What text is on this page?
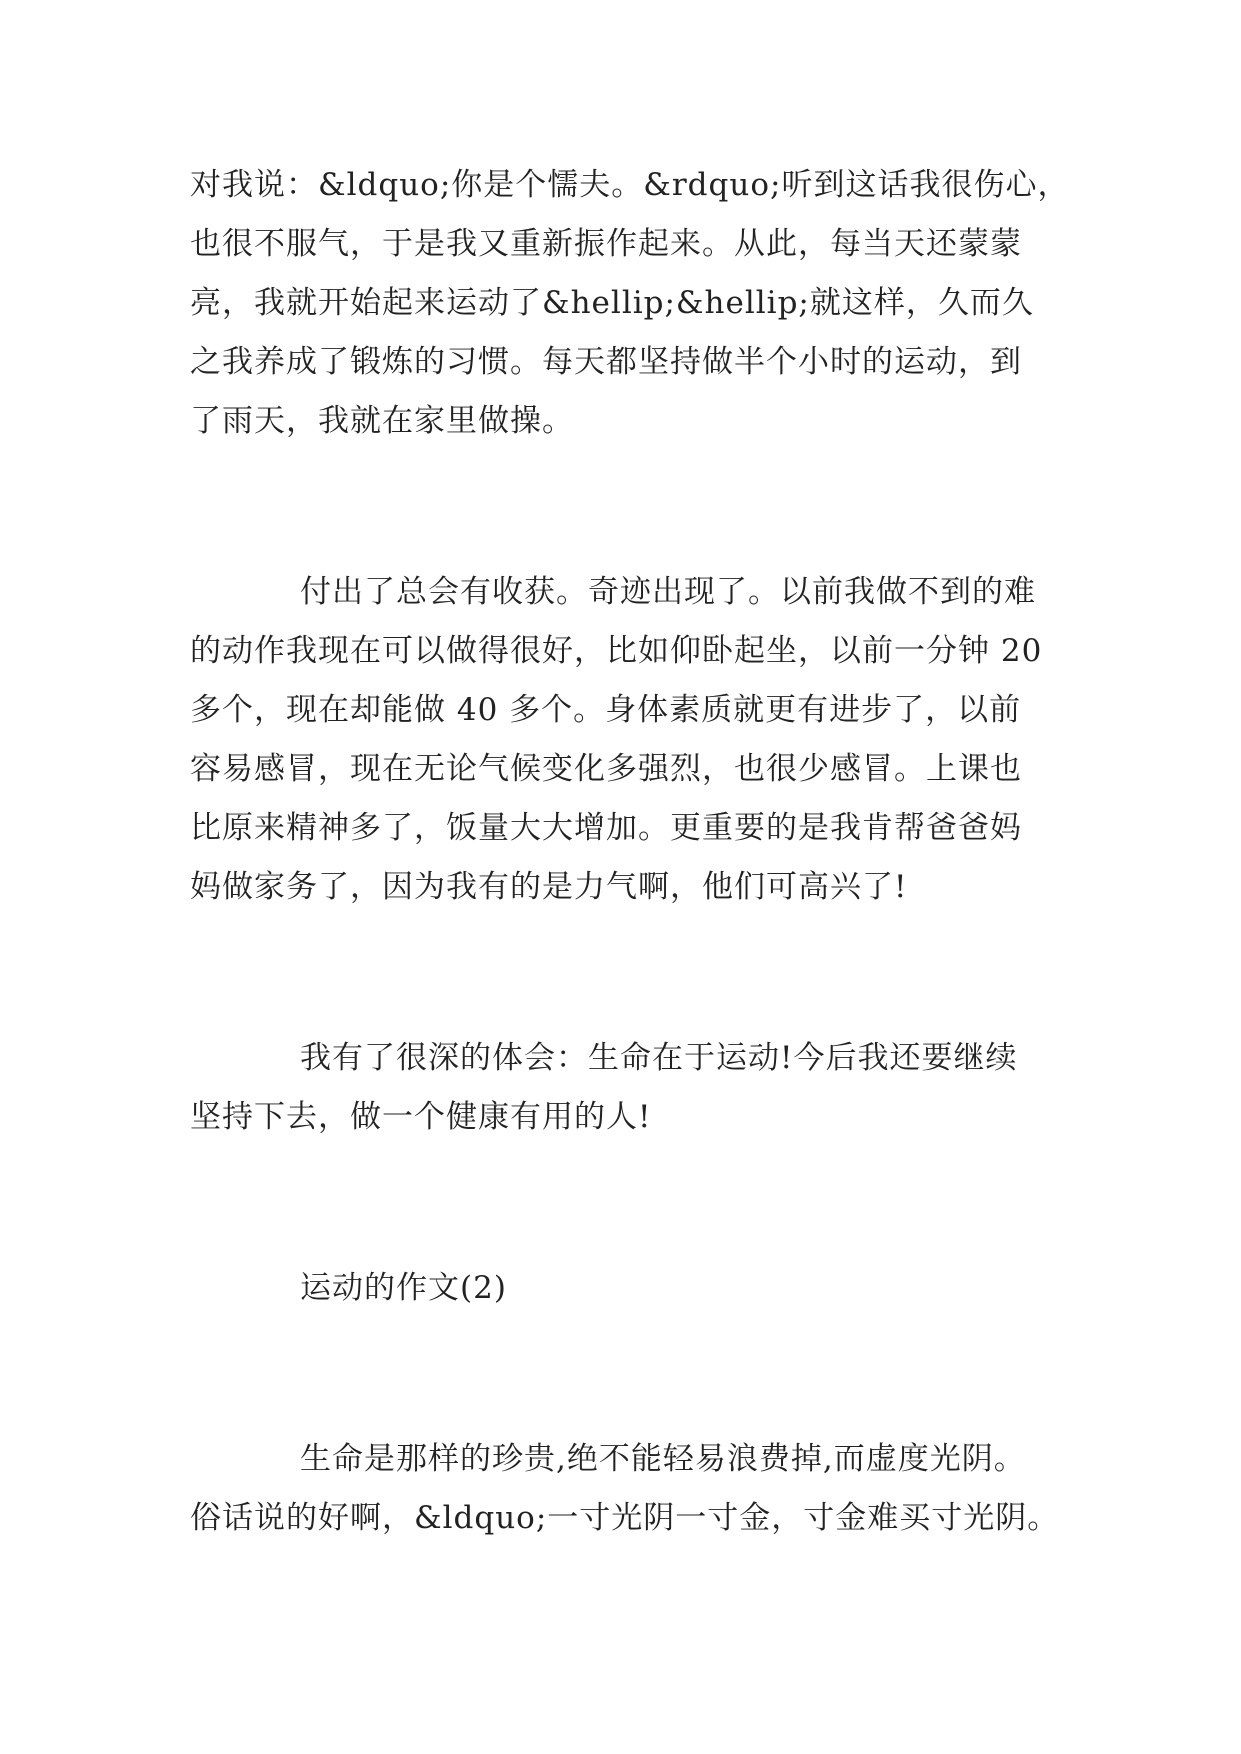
对我说：&ldquo;你是个懦夫。&rdquo;听到这话我很伤心，

也很不服气，于是我又重新振作起来。从此，每当天还蒙蒙

亮，我就开始起来运动了&hellip;&hellip;就这样，久而久

之我养成了锻炼的习惯。每天都坚持做半个小时的运动，到

了雨天，我就在家里做操。

付出了总会有收获。奇迹出现了。以前我做不到的难

的动作我现在可以做得很好，比如仰卧起坐，以前一分钟 20

多个，现在却能做 40 多个。身体素质就更有进步了，以前

容易感冒，现在无论气候变化多强烈，也很少感冒。上课也

比原来精神多了，饭量大大增加。更重要的是我肯帮爸爸妈

妈做家务了，因为我有的是力气啊，他们可高兴了!

我有了很深的体会：生命在于运动!今后我还要继续

坚持下去，做一个健康有用的人!

运动的作文(2)

生命是那样的珍贵,绝不能轻易浪费掉,而虚度光阴。

俗话说的好啊，&ldquo;一寸光阴一寸金，寸金难买寸光阴。
